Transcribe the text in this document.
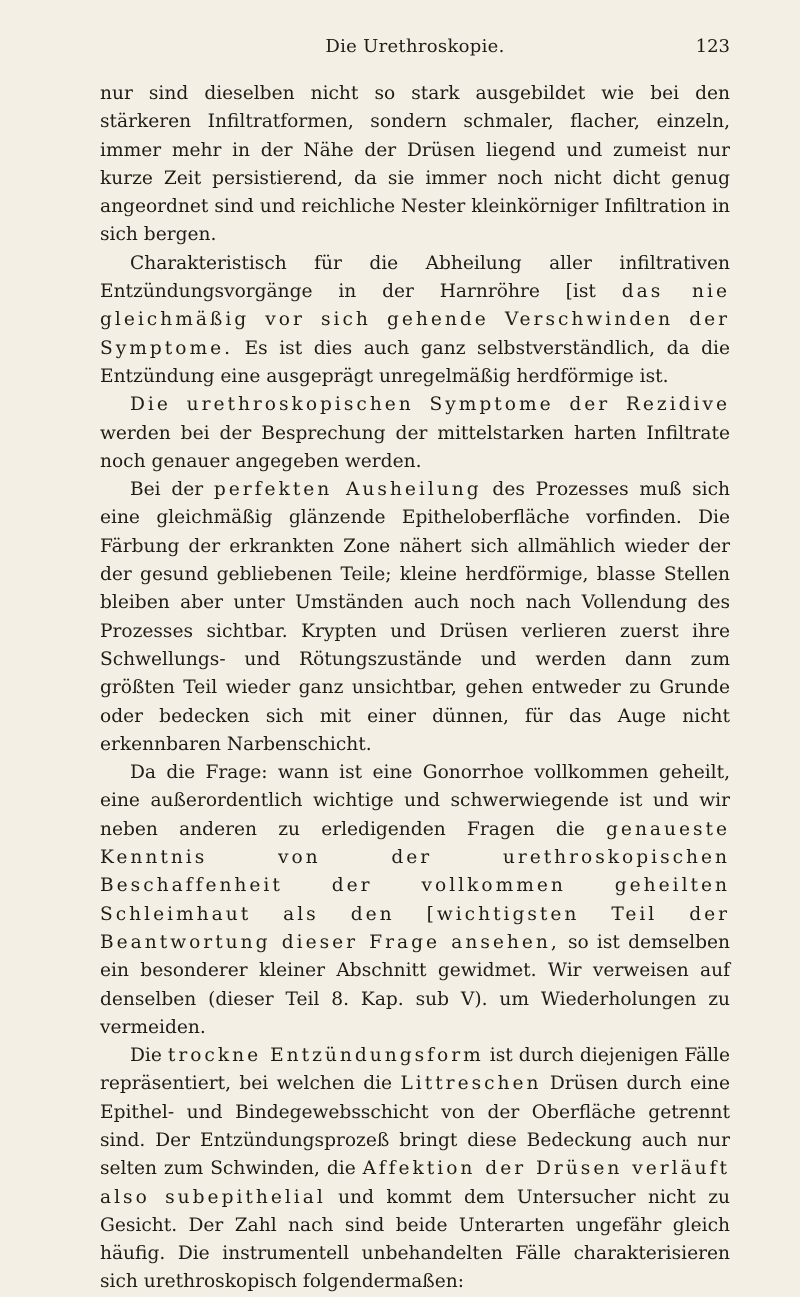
Die Urethroskopie.	123

nur sind dieselben nicht so stark ausgebildet wie bei den stärkeren Infiltratformen, sondern schmaler, flacher, einzeln, immer mehr in der Nähe der Drüsen liegend und zumeist nur kurze Zeit persistierend, da sie immer noch nicht dicht genug angeordnet sind und reichliche Nester kleinkörniger Infiltration in sich bergen.

Charakteristisch für die Abheilung aller infiltrativen Entzündungsvorgänge in der Harnröhre [ist das nie gleichmäßig vor sich gehende Verschwinden der Symptome. Es ist dies auch ganz selbstverständlich, da die Entzündung eine ausgeprägt unregelmäßig herdförmige ist.

Die urethroskopischen Symptome der Rezidive werden bei der Besprechung der mittelstarken harten Infiltrate noch genauer angegeben werden.

Bei der perfekten Ausheilung des Prozesses muß sich eine gleichmäßig glänzende Epitheloberfläche vorfinden. Die Färbung der erkrankten Zone nähert sich allmählich wieder der der gesund gebliebenen Teile; kleine herdförmige, blasse Stellen bleiben aber unter Umständen auch noch nach Vollendung des Prozesses sichtbar. Krypten und Drüsen verlieren zuerst ihre Schwellungs- und Rötungszustände und werden dann zum größten Teil wieder ganz unsichtbar, gehen entweder zu Grunde oder bedecken sich mit einer dünnen, für das Auge nicht erkennbaren Narbenschicht.

Da die Frage: wann ist eine Gonorrhoe vollkommen geheilt, eine außerordentlich wichtige und schwerwiegende ist und wir neben anderen zu erledigenden Fragen die genaueste Kenntnis von der urethroskopischen Beschaffenheit der vollkommen geheilten Schleimhaut als den [wichtigsten Teil der Beantwortung dieser Frage ansehen, so ist demselben ein besonderer kleiner Abschnitt gewidmet. Wir verweisen auf denselben (dieser Teil 8. Kap. sub V). um Wiederholungen zu vermeiden.

Die trockne Entzündungsform ist durch diejenigen Fälle repräsentiert, bei welchen die Littreschen Drüsen durch eine Epithel- und Bindegewebsschicht von der Oberfläche getrennt sind. Der Entzündungsprozeß bringt diese Bedeckung auch nur selten zum Schwinden, die Affektion der Drüsen verläuft also subepithelial und kommt dem Untersucher nicht zu Gesicht. Der Zahl nach sind beide Unterarten ungefähr gleich häufig. Die instrumentell unbehandelten Fälle charakterisieren sich urethroskopisch folgendermaßen:
